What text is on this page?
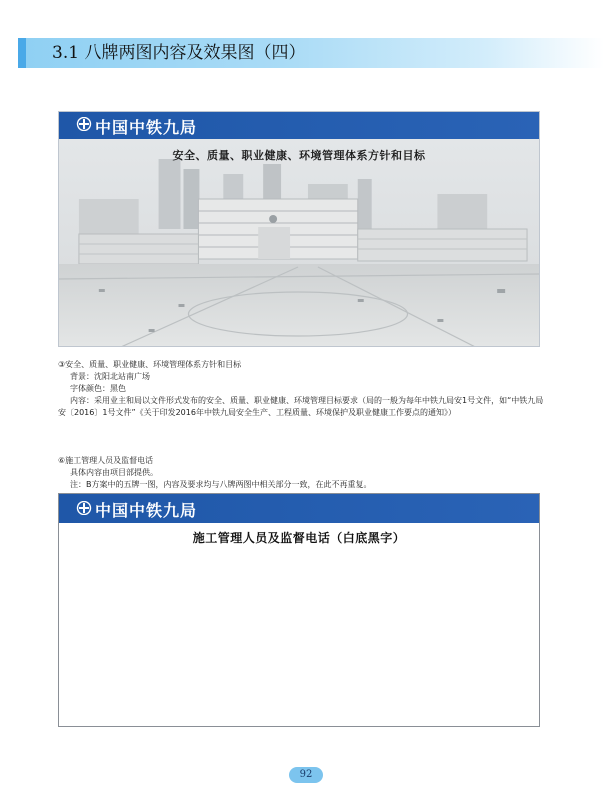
3.1 八牌两图内容及效果图（四）
中国中铁九局
安全、质量、职业健康、环境管理体系方针和目标
③安全、质量、职业健康、环境管理体系方针和目标
背景：沈阳北站南广场
字体颜色：黑色
内容：采用业主和局以文件形式发布的安全、质量、职业健康、环境管理目标要求（局的一般为每年中铁九局安1号文件，如“中铁九局
安〔2016〕1号文件”《关于印发2016年中铁九局安全生产、工程质量、环境保护及职业健康工作要点的通知》）
⑥施工管理人员及监督电话
具体内容由项目部提供。
注：B方案中的五牌一图，内容及要求均与八牌两图中相关部分一致，在此不再重复。
中国中铁九局
施工管理人员及监督电话（白底黑字）
92
